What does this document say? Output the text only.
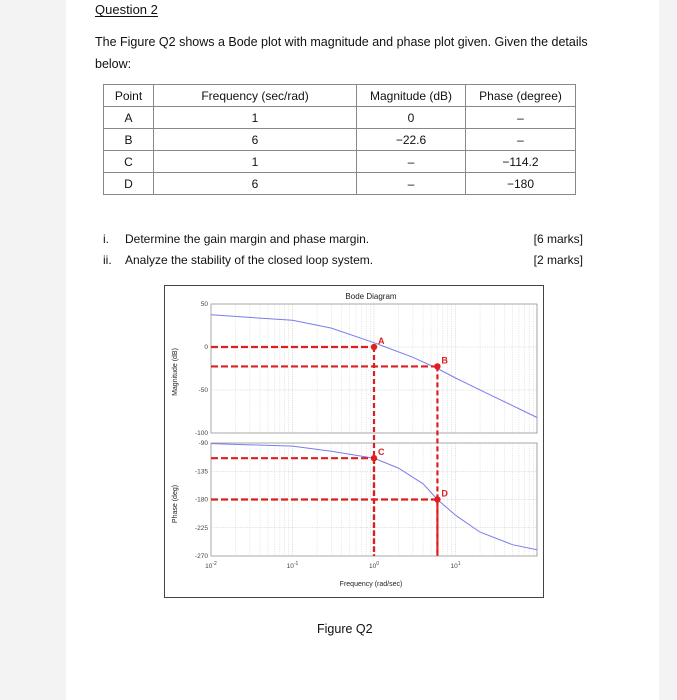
Question 2
The Figure Q2 shows a Bode plot with magnitude and phase plot given. Given the details below:
Point	Frequency (sec/rad)	Magnitude (dB)	Phase (degree)
A	1	0	–
B	6	−22.6	–
C	1	–	−114.2
D	6	–	−180
i. Determine the gain margin and phase margin.	[6 marks]
ii. Analyze the stability of the closed loop system.	[2 marks]
A
B
C
D
Bode Diagram
Frequency (rad/sec)
Magnitude (dB)
Phase (deg)
50
0
-50
-100
-90
-135
-180
-225
-270
$10^{-2}$	$10^{-1}$	$10^0$	$10^1$
Figure Q2
